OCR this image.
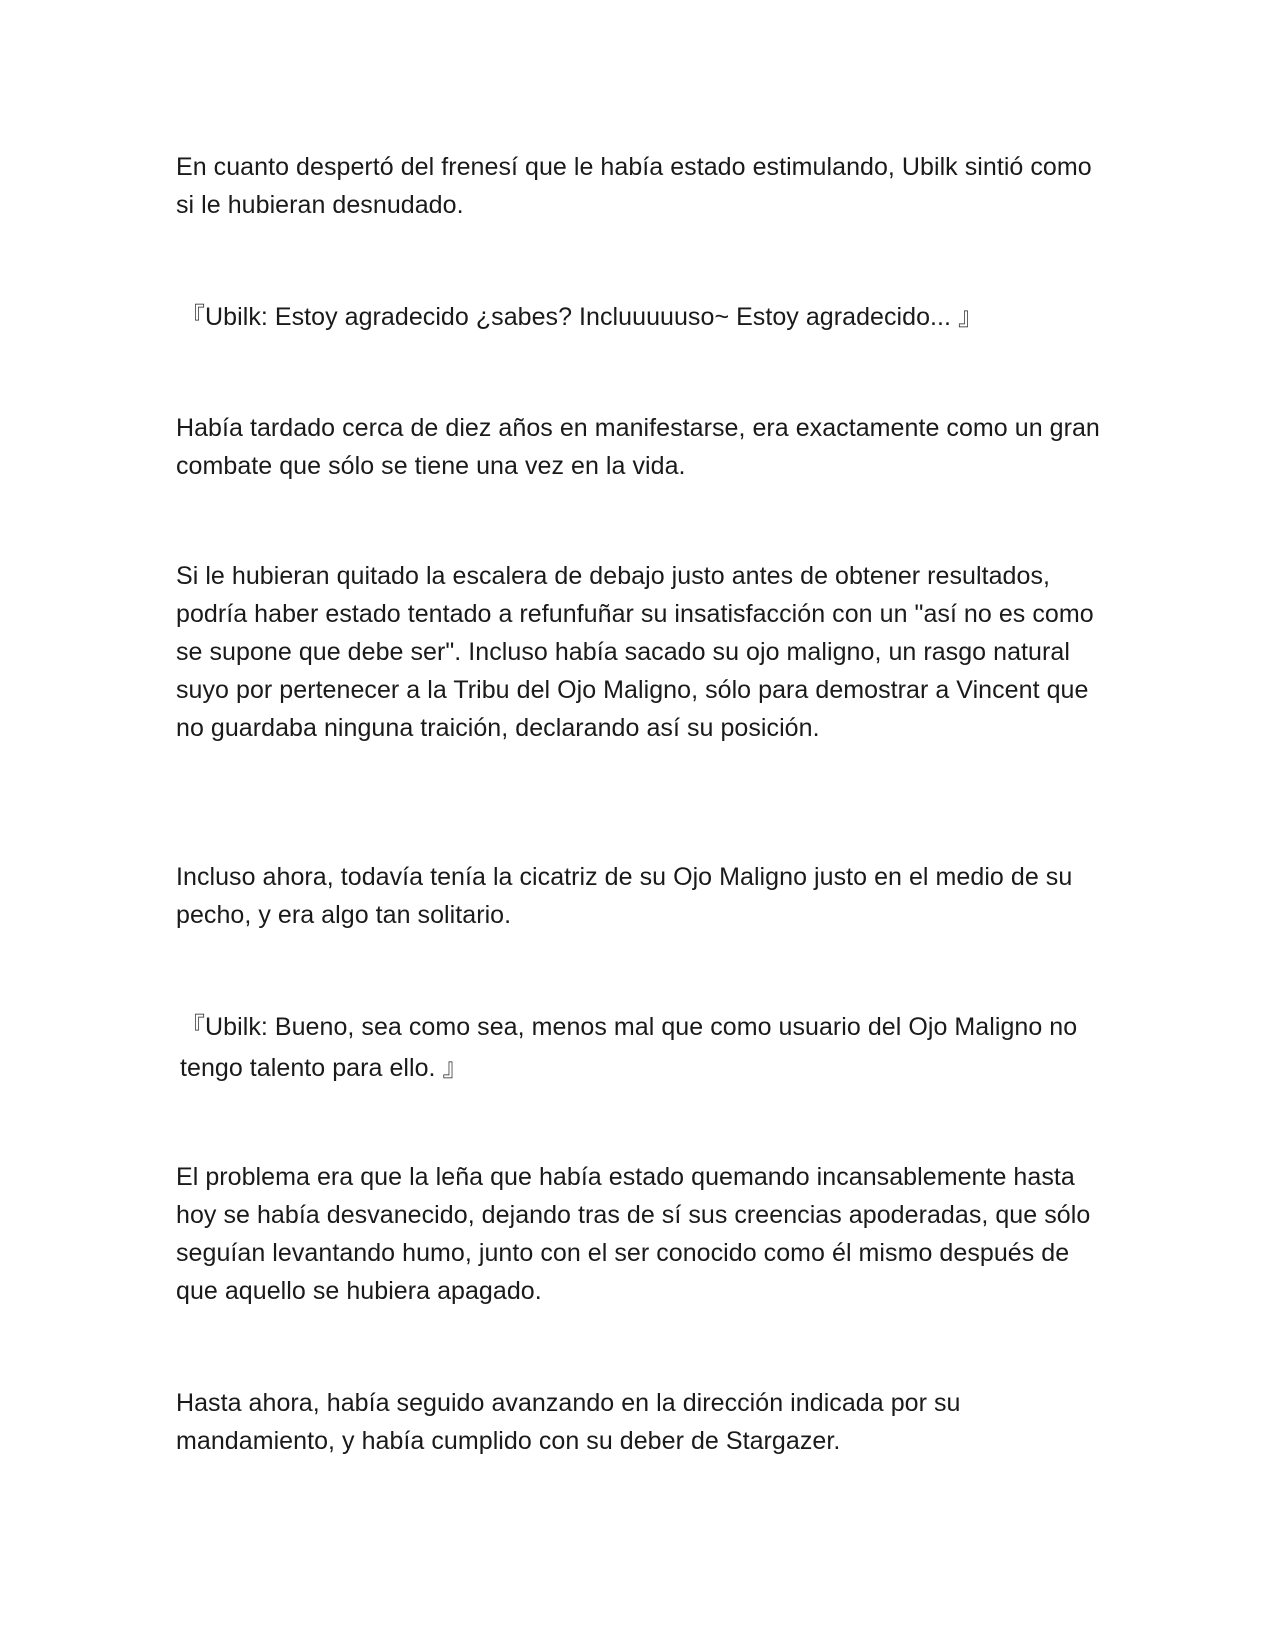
En cuanto despertó del frenesí que le había estado estimulando, Ubilk sintió como si le hubieran desnudado.

『Ubilk: Estoy agradecido ¿sabes? Incluuuuuso~ Estoy agradecido... 』

Había tardado cerca de diez años en manifestarse, era exactamente como un gran combate que sólo se tiene una vez en la vida.

Si le hubieran quitado la escalera de debajo justo antes de obtener resultados, podría haber estado tentado a refunfuñar su insatisfacción con un "así no es como se supone que debe ser". Incluso había sacado su ojo maligno, un rasgo natural suyo por pertenecer a la Tribu del Ojo Maligno, sólo para demostrar a Vincent que no guardaba ninguna traición, declarando así su posición.

Incluso ahora, todavía tenía la cicatriz de su Ojo Maligno justo en el medio de su pecho, y era algo tan solitario.

『Ubilk: Bueno, sea como sea, menos mal que como usuario del Ojo Maligno no tengo talento para ello. 』

El problema era que la leña que había estado quemando incansablemente hasta hoy se había desvanecido, dejando tras de sí sus creencias apoderadas, que sólo seguían levantando humo, junto con el ser conocido como él mismo después de que aquello se hubiera apagado.

Hasta ahora, había seguido avanzando en la dirección indicada por su mandamiento, y había cumplido con su deber de Stargazer.
